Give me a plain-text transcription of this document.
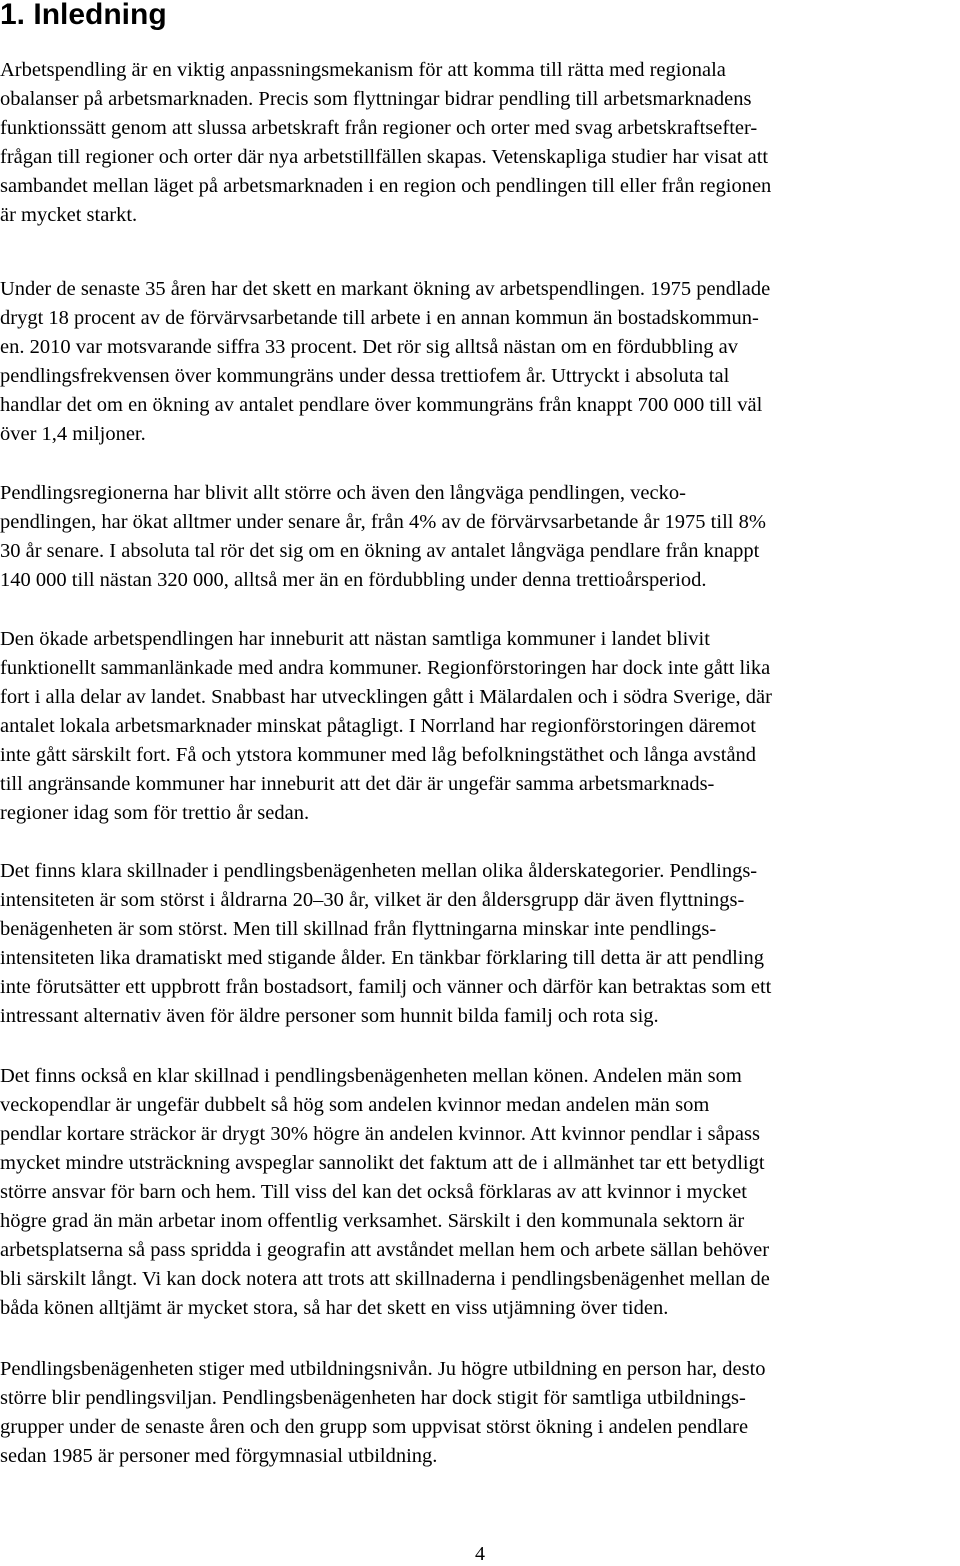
1. Inledning
Arbetspendling är en viktig anpassningsmekanism för att komma till rätta med regionala
obalanser på arbetsmarknaden. Precis som flyttningar bidrar pendling till arbetsmarknadens
funktionssätt genom att slussa arbetskraft från regioner och orter med svag arbetskraftsefter-
frågan till regioner och orter där nya arbetstillfällen skapas. Vetenskapliga studier har visat att
sambandet mellan läget på arbetsmarknaden i en region och pendlingen till eller från regionen
är mycket starkt.
Under de senaste 35 åren har det skett en markant ökning av arbetspendlingen. 1975 pendlade
drygt 18 procent av de förvärvsarbetande till arbete i en annan kommun än bostadskommun-
en. 2010 var motsvarande siffra 33 procent. Det rör sig alltså nästan om en fördubbling av
pendlingsfrekvensen över kommungräns under dessa trettiofem år. Uttryckt i absoluta tal
handlar det om en ökning av antalet pendlare över kommungräns från knappt 700 000 till väl
över 1,4 miljoner.
Pendlingsregionerna har blivit allt större och även den långväga pendlingen, vecko-
pendlingen, har ökat alltmer under senare år, från 4% av de förvärvsarbetande år 1975 till 8%
30 år senare. I absoluta tal rör det sig om en ökning av antalet långväga pendlare från knappt
140 000 till nästan 320 000, alltså mer än en fördubbling under denna trettioårsperiod.
Den ökade arbetspendlingen har inneburit att nästan samtliga kommuner i landet blivit
funktionellt sammanlänkade med andra kommuner. Regionförstoringen har dock inte gått lika
fort i alla delar av landet. Snabbast har utvecklingen gått i Mälardalen och i södra Sverige, där
antalet lokala arbetsmarknader minskat påtagligt. I Norrland har regionförstoringen däremot
inte gått särskilt fort. Få och ytstora kommuner med låg befolkningstäthet och långa avstånd
till angränsande kommuner har inneburit att det där är ungefär samma arbetsmarknads-
regioner idag som för trettio år sedan.
Det finns klara skillnader i pendlingsbenägenheten mellan olika ålderskategorier. Pendlings-
intensiteten är som störst i åldrarna 20–30 år, vilket är den åldersgrupp där även flyttnings-
benägenheten är som störst. Men till skillnad från flyttningarna minskar inte pendlings-
intensiteten lika dramatiskt med stigande ålder. En tänkbar förklaring till detta är att pendling
inte förutsätter ett uppbrott från bostadsort, familj och vänner och därför kan betraktas som ett
intressant alternativ även för äldre personer som hunnit bilda familj och rota sig.
Det finns också en klar skillnad i pendlingsbenägenheten mellan könen. Andelen män som
veckopendlar är ungefär dubbelt så hög som andelen kvinnor medan andelen män som
pendlar kortare sträckor är drygt 30% högre än andelen kvinnor. Att kvinnor pendlar i såpass
mycket mindre utsträckning avspeglar sannolikt det faktum att de i allmänhet tar ett betydligt
större ansvar för barn och hem. Till viss del kan det också förklaras av att kvinnor i mycket
högre grad än män arbetar inom offentlig verksamhet. Särskilt i den kommunala sektorn är
arbetsplatserna så pass spridda i geografin att avståndet mellan hem och arbete sällan behöver
bli särskilt långt. Vi kan dock notera att trots att skillnaderna i pendlingsbenägenhet mellan de
båda könen alltjämt är mycket stora, så har det skett en viss utjämning över tiden.
Pendlingsbenägenheten stiger med utbildningsnivån. Ju högre utbildning en person har, desto
större blir pendlingsviljan. Pendlingsbenägenheten har dock stigit för samtliga utbildnings-
grupper under de senaste åren och den grupp som uppvisat störst ökning i andelen pendlare
sedan 1985 är personer med förgymnasial utbildning.
4
